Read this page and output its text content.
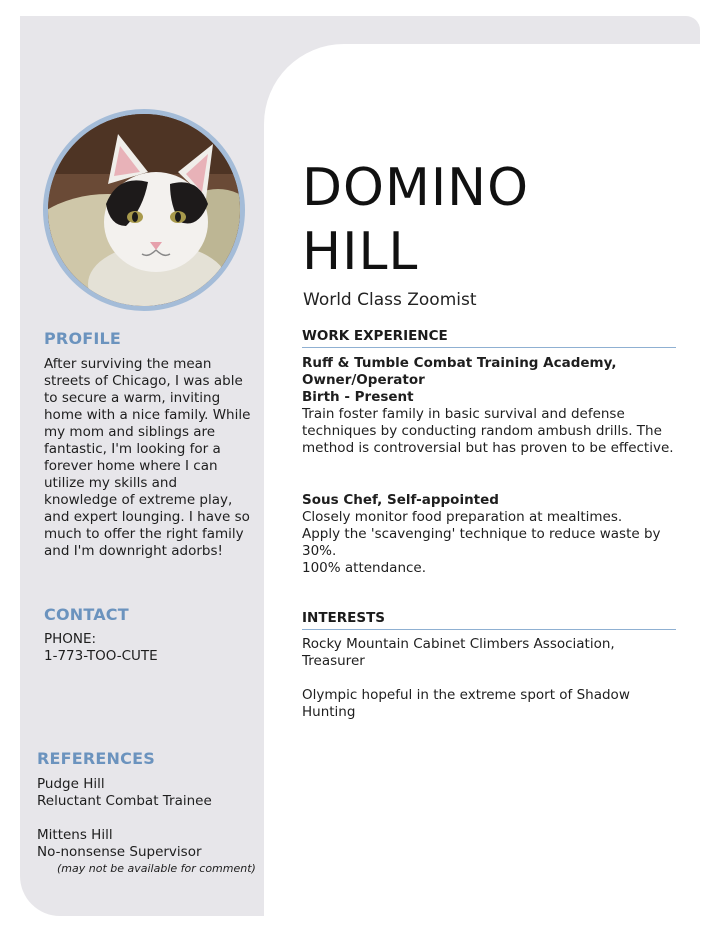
PROFILE
After surviving the mean streets of Chicago, I was able to secure a warm, inviting home with a nice family. While my mom and siblings are fantastic, I'm looking for a forever home where I can utilize my skills and knowledge of extreme play, and expert lounging. I have so much to offer the right family and I'm downright adorbs!
CONTACT
PHONE:
1-773-TOO-CUTE
REFERENCES
Pudge Hill
Reluctant Combat Trainee
Mittens Hill
No-nonsense Supervisor
(may not be available for comment)
DOMINO
HILL
World Class Zoomist
WORK EXPERIENCE
Ruff & Tumble Combat Training Academy, Owner/Operator
Birth - Present
Train foster family in basic survival and defense techniques by conducting random ambush drills. The method is controversial but has proven to be effective.
Sous Chef, Self-appointed
Closely monitor food preparation at mealtimes.
Apply the 'scavenging' technique to reduce waste by 30%.
100% attendance.
INTERESTS
Rocky Mountain Cabinet Climbers Association, Treasurer
Olympic hopeful in the extreme sport of Shadow Hunting
